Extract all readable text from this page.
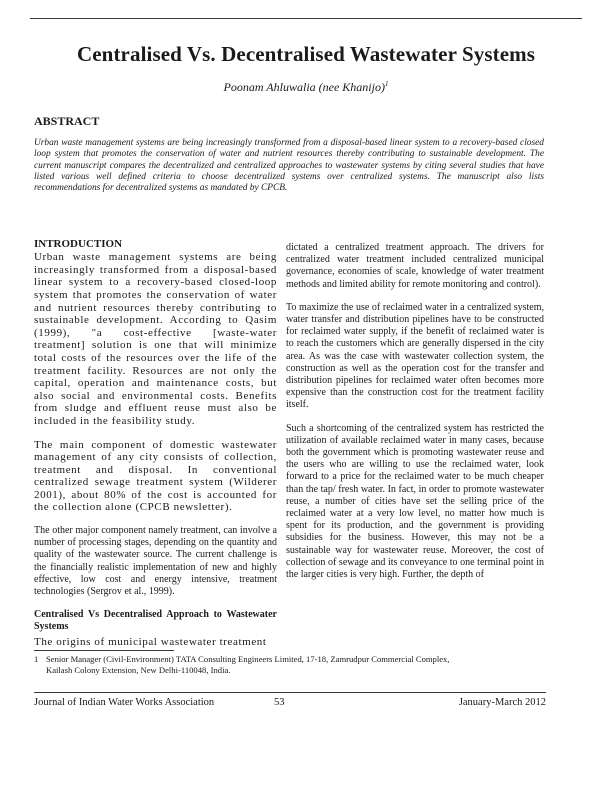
Centralised Vs. Decentralised Wastewater Systems
Poonam Ahluwalia (nee Khanijo)$^1$
ABSTRACT
Urban waste management systems are being increasingly transformed from a disposal-based linear system to a recovery-based closed loop system that promotes the conservation of water and nutrient resources thereby contributing to sustainable development. The current manuscript compares the decentralized and centralized approaches to wastewater systems by citing several studies that have listed various well defined criteria to choose decentralized systems over centralized systems. The manuscript also lists recommendations for decentralized systems as mandated by CPCB.
INTRODUCTION

Urban waste management systems are being increasingly transformed from a disposal-based linear system to a recovery-based closed-loop system that promotes the conservation of water and nutrient resources thereby contributing to sustainable development. According to Qasim (1999), "a cost-effective [waste-water treatment] solution is one that will minimize total costs of the resources over the life of the treatment facility. Resources are not only the capital, operation and maintenance costs, but also social and environmental costs. Benefits from sludge and effluent reuse must also be included in the feasibility study.

The main component of domestic wastewater management of any city consists of collection, treatment and disposal. In conventional centralized sewage treatment system (Wilderer 2001), about 80% of the cost is accounted for the collection alone (CPCB newsletter).

The other major component namely treatment, can involve a number of processing stages, depending on the quantity and quality of the wastewater source. The current challenge is the financially realistic implementation of new and highly effective, low cost and energy intensive, treatment technologies (Sergrov et al., 1999).

Centralised Vs Decentralised Approach to Wastewater Systems

The origins of municipal wastewater treatment

dictated a centralized treatment approach. The drivers for centralized water treatment included centralized municipal governance, economies of scale, knowledge of water treatment methods and limited ability for remote monitoring and control).

To maximize the use of reclaimed water in a centralized system, water transfer and distribution pipelines have to be constructed for reclaimed water supply, if the benefit of reclaimed water is to reach the customers which are generally dispersed in the city area. As was the case with wastewater collection system, the construction as well as the operation cost for the transfer and distribution pipelines for reclaimed water often becomes more expensive than the construction cost for the treatment facility itself.

Such a shortcoming of the centralized system has restricted the utilization of available reclaimed water in many cases, because both the government which is promoting wastewater reuse and the users who are willing to use the reclaimed water, look forward to a price for the reclaimed water to be much cheaper than the tap/ fresh water. In fact, in order to promote wastewater reuse, a number of cities have set the selling price of the reclaimed water at a very low level, no matter how much is spent for its production, and the government is providing subsidies for the business. However, this may not be a sustainable way for wastewater reuse. Moreover, the cost of collection of sewage and its conveyance to one terminal point in the larger cities is very high. Further, the depth of

1 Senior Manager (Civil-Environment) TATA Consulting Engineers Limited, 17-18, Zamrudpur Commercial Complex,
Kailash Colony Extension, New Delhi-110048, India.
Journal of Indian Water Works Association	53	January-March 2012
